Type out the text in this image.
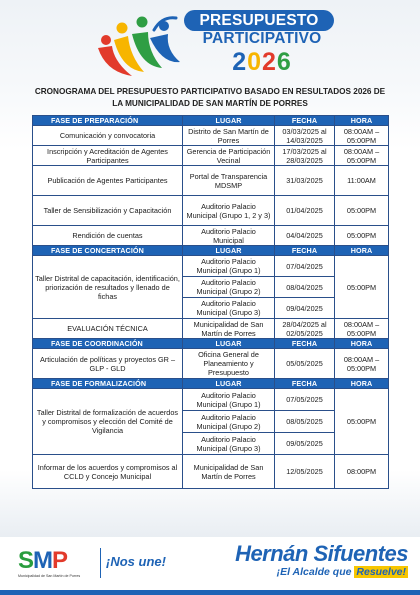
PRESUPUESTO
PARTICIPATIVO
2026
CRONOGRAMA DEL PRESUPUESTO PARTICIPATIVO BASADO EN RESULTADOS 2026 DE
LA MUNICIPALIDAD DE SAN MARTÍN DE PORRES
FASE DE PREPARACIÓN	LUGAR	FECHA	HORA
Comunicación y convocatoria	Distrito de San Martín de Porres	03/03/2025 al 14/03/2025	08:00AM – 05:00PM
Inscripción y Acreditación de Agentes Participantes	Gerencia de Participación Vecinal	17/03/2025 al 28/03/2025	08:00AM – 05:00PM
Publicación de Agentes Participantes	Portal de Transparencia MDSMP	31/03/2025	11:00AM
Taller de Sensibilización y Capacitación	Auditorio Palacio Municipal (Grupo 1, 2 y 3)	01/04/2025	05:00PM
Rendición de cuentas	Auditorio Palacio Municipal	04/04/2025	05:00PM
FASE DE CONCERTACIÓN	LUGAR	FECHA	HORA
Taller Distrital de capacitación, identificación, priorización de resultados y llenado de fichas	Auditorio Palacio Municipal (Grupo 1)	07/04/2025	05:00PM
	Auditorio Palacio Municipal (Grupo 2)	08/04/2025	
	Auditorio Palacio Municipal (Grupo 3)	09/04/2025	
EVALUACIÓN TÉCNICA	Municipalidad de San Martín de Porres	28/04/2025 al 02/05/2025	08:00AM – 05:00PM
FASE DE COORDINACIÓN	LUGAR	FECHA	HORA
Articulación de políticas y proyectos GR – GLP - GLD	Oficina General de Planeamiento y Presupuesto	05/05/2025	08:00AM – 05:00PM
FASE DE FORMALIZACIÓN	LUGAR	FECHA	HORA
Taller Distrital de formalización de acuerdos y compromisos y elección del Comité de Vigilancia	Auditorio Palacio Municipal (Grupo 1)	07/05/2025	05:00PM
	Auditorio Palacio Municipal (Grupo 2)	08/05/2025	
	Auditorio Palacio Municipal (Grupo 3)	09/05/2025	
Informar de los acuerdos y compromisos al CCLD y Concejo Municipal	Municipalidad de San Martín de Porres	12/05/2025	08:00PM
SMP
Municipalidad de San Martín de Porres
¡Nos une!	Hernán Sifuentes
¡El Alcalde que Resuelve!
